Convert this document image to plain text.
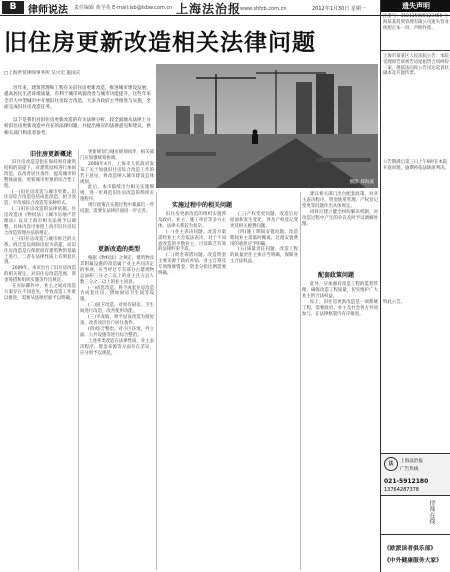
B	律师说法 责任编辑 黄学英 E-mail:lsb@lsbw.com.cn 上海法治报
www.shfzb.com.cn	2012年1月30日 星期一
旧住房更新改造相关法律问题
□上海世贸律师事务所 吴兴宏 施国庆
近年来，建筑管理和工程有关旧住房更新改造，推进城市建设发展，提高居民生活环境质量，有利于城市风貌改善与城市功能提升。这些年来全市大中型城市中开展旧住房综合改造，大多为政府主导推进与实施，全面完成旧住房改造任务。
以下是我们对旧住房更新改造的有关法律分析，较全面地从法律上分析旧住房更新改造中存在的法律问题，并提出相应的法律意见和建议，供相关部门和读者参考。
摄影 郑海波
旧住房更新概述

旧住房改造是指在保持原有建筑结构的前提下，对建筑结构进行加固改造，以改善居住条件，提高城市的整体面貌，更新城市形象的综合性工程。

(一)旧住房改造与城市更新。旧住房综合改造包括成套改造、厨卫改造、平改坡综合改造等多种形式。

(二)旧住房改造的法律依据。住房改造由《物权法》《城市房地产管理法》以及上海市相关法规予以调整，具体内容可参照上海市旧住房综合改造管理办法的规定。

(三)旧住房改造与城市拆迁的关系。拆迁是以拆除房屋为前提，而旧住房改造是在保留原有建筑物的基础上进行，二者在法律性质上有明显区别。

2009年，本市出台了旧住房改造的相关规定，对旧住房改造范围、资金筹措和组织实施等作出规定。

在实际操作中，业主之间对改造方案存在不同意见，导致改造工作难以推进，需要从法律层面予以明确。

更新规划与城市规划同步，相关部门应加强统筹协调。

2008年4月，上海市人民政府发布了关于加强旧住房综合改造工作的若干意见，将改造纳入城市建设总体规划。

此后，本市陆续出台相关实施细则，进一步规范旧住房改造的组织实施程序。

现行政策在实施过程中暴露出一些问题，需要在法律层面进一步完善。

更新改造的类型

根据《物权法》之规定，建筑物及其附属设施的改造属于业主共同决定的事项，应当经过专有部分占建筑物总面积三分之二以上的业主且占总人数三分之二以上的业主同意。

(一)成套改造。将不成套住房改造为成套住房，增加厨房卫生间等设施。

(二)厨卫改造。对原有厨房、卫生间进行改造，改善使用功能。

(三)平改坡。将平屋顶改造为坡屋顶，改善顶层住户居住条件。

(四)综合整治。对小区环境、外立面、公共设施等进行综合整治。

上述各类改造在法律性质、业主表决程序、资金来源等方面存在差异，应分别予以规范。

实施过程中的相关问题

旧住房更新改造的组织实施涉及政府、业主、施工单位等多方主体，法律关系较为复杂。

(一)业主表决问题。改造方案需经业主大会依法表决，对于不同意改造的少数业主，目前缺乏有效的法律约束手段。

(二)资金筹措问题。改造资金主要来源于政府补贴、业主自筹及专项维修资金，资金分担比例需要明确。

(三)产权变更问题。改造后房屋面积发生变化，涉及产权登记变更及相关税费问题。

(四)施工期间安置问题。改造期间业主需临时搬离，过渡安置费用的承担应予明确。

(五)质量责任问题。改造工程的质量责任主体应当明确，保障业主合法权益。

建议相关部门出台配套政策，对业主表决程序、资金使用管理、产权登记变更等问题作出具体规定。

同时应建立健全纠纷解决机制，对改造过程中产生的争议及时予以调解处理。

配套政策问题

此外，应加强对改造工程的监督管理，确保改造工程质量，切实维护广大业主的合法权益。

综上，旧住房更新改造是一项系统工程，需要政府、业主及社会各方共同参与，在法律框架内有序推进。

遗失声明
注册号：310115000123456 上海某某投资管理有限公司遗失营业执照正本一份，声明作废。
上海市某某区人民法院公告：本院受理原告诉被告房屋租赁合同纠纷一案，现依法向你公告送达起诉状副本及开庭传票。
公告期满后第三日上午9时在本院开庭审理，逾期将依法缺席判决。
特此公告。
法	上海法治报
广告热线
021-5912180
13764287378
律师在线
《欧派读者俱乐部》
《中外健康服务大家》
